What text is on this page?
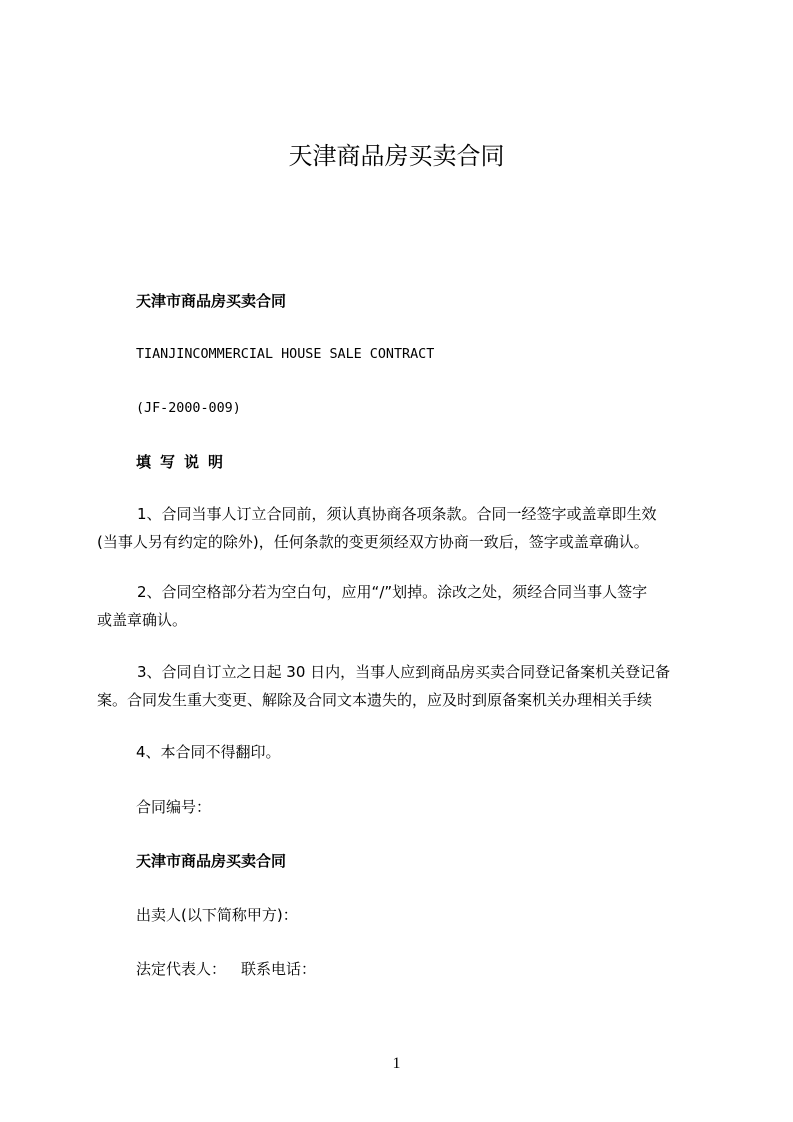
天津商品房买卖合同
天津市商品房买卖合同
TIANJINCOMMERCIAL HOUSE SALE CONTRACT
(JF-2000-009)
填写说明
1、合同当事人订立合同前，须认真协商各项条款。合同一经签字或盖章即生效
(当事人另有约定的除外)，任何条款的变更须经双方协商一致后，签字或盖章确认。
2、合同空格部分若为空白句，应用“/”划掉。涂改之处，须经合同当事人签字
或盖章确认。
3、合同自订立之日起 30 日内，当事人应到商品房买卖合同登记备案机关登记备
案。合同发生重大变更、解除及合同文本遗失的，应及时到原备案机关办理相关手续
4、本合同不得翻印。
合同编号：
天津市商品房买卖合同
出卖人(以下简称甲方)：
法定代表人： 联系电话：
1
